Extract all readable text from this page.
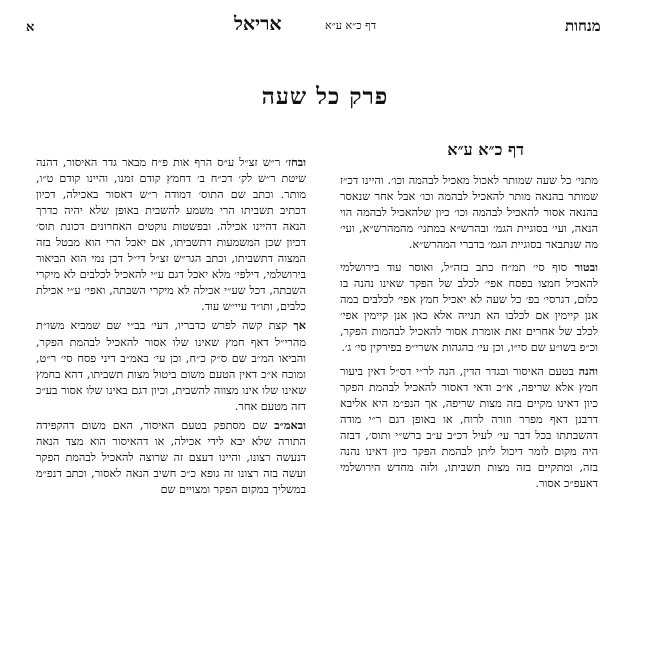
א	אריאל	דף כ״א ע״א	מנחות
פרק כל שעה
דף כ״א ע״א

מתני׳ כל שעה שמותר לאכול מאכיל לבהמה וכו׳. והיינו דכ״ז שמותר בהנאה מותר להאכיל לבהמה וכו׳ אבל אחר שנאסר בהנאה אסור להאכיל לבהמה וכו׳ כיון שלהאכיל לבהמה הוי הנאה, ועי׳ בסוגיית הגמ׳ ובהרש״א במתני׳ מהמהרש״א, ועי׳ מה שנתבאר בסוגיית הגמ׳ בדברי המהרש״א.

ובטור סוף סי׳ תמ״ח כתב בזה״ל, ואוסר עוד בירושלמי להאכיל חמצו בפסח אפי׳ לכלב של הפקר שאינו נהנה בו כלום, דגרסי׳ בפ׳ כל שעה לא יאכיל חמץ אפי׳ לכלבים במה אנן קיימין אם לכלבו הא תנייה אלא כאן אנן קיימין אפי׳ לכלב של אחרים זאת אומרת אסור להאכיל לבהמות הפקר, וכ״פ בשו״ע שם סי״ו, וכן עי׳ בהגהות אשרי״פ בפירקין סי׳ ג׳.

והנה בטעם האיסור ובגדר הדין, הנה לר״י דס״ל דאין ביעור חמץ אלא שריפה, א״כ ודאי דאסור להאכיל לבהמת הפקר כיון דאינו מקיים בזה מצות שריפה, אך הנפ״מ היא אליבא דרבנן דאף מפרר וזורה לרוח, או באופן דגם ר״י מודה דהשבתתו בכל דבר עי׳ לעיל דכ״ב ע״ב ברש״י ותוס׳, דבזה היה מקום לומר דיכול ליתן לבהמת הפקר כיון דאינו נהנה בזה, ומתקיים בזה מצות תשביתו, ולזה מחדש הירושלמי דאעפ״כ אסור.

ובחז׳ ר״ש זצ״ל ע״ס הרף אות פ״ח מבאר גדר האיסור, דהנה שיטת ר״ש לק׳ דכ״ח ב׳ דחמץ קודם זמנו, והיינו קודם ט״ו, מותר. וכתב שם התוס׳ דמודה ר״ש דאסור באכילה, דכיון דכתיב תשביתו הרי משמע להשבית באופן שלא יהיה כדרך הנאה דהיינו אכילה. ובפשטות נוקטים האחרונים דכונת תוס׳ דכיון שכן המשמעות דתשביתו, אם יאכל הרי הוא מבטל בזה המצוה דתשביתו, וכתב הגר״ש זצ״ל די״ל דכן נמי הוא הביאור בירושלמי, דילפי׳ מלא יאכל דגם ע״י להאכיל לכלבים לא מיקרי השבתה, דכל שע״י אכילה לא מיקרי השבתה, ואפי׳ ע״י אכילת כלבים, ותו״ד עיי״ש עוד.

אך קצת קשה לפרש כדבריו, דעי׳ בב״י שם שמביא משו״ת מהרי״ל דאף חמץ שאינו שלו אסור להאכיל לבהמת הפקר, והביאו המ״ב שם ס״ק כ״ח, וכן עי׳ באמ״ב דיני פסח סי׳ ר״ט, ומוכח א״כ דאין הטעם משום ביטול מצות תשביתו, דהא בחמץ שאינו שלו אינו מצווה להשבית, וכיון דגם באינו שלו אסור בע״כ דזה מטעם אחר.

ובאמ״ב שם מסתפק בטעם האיסור, האם משום דהקפידה התורה שלא יבא לידי אכילה, או דהאיסור הוא מצד הנאה דנעשה רצונו, והיינו דעצם זה שרוצה להאכיל לבהמת הפקר ועשה בזה רצונו זה גופא כ״כ חשיב הנאה לאסור, וכתב דנפ״מ במשליך במקום הפקר ומצויים שם
